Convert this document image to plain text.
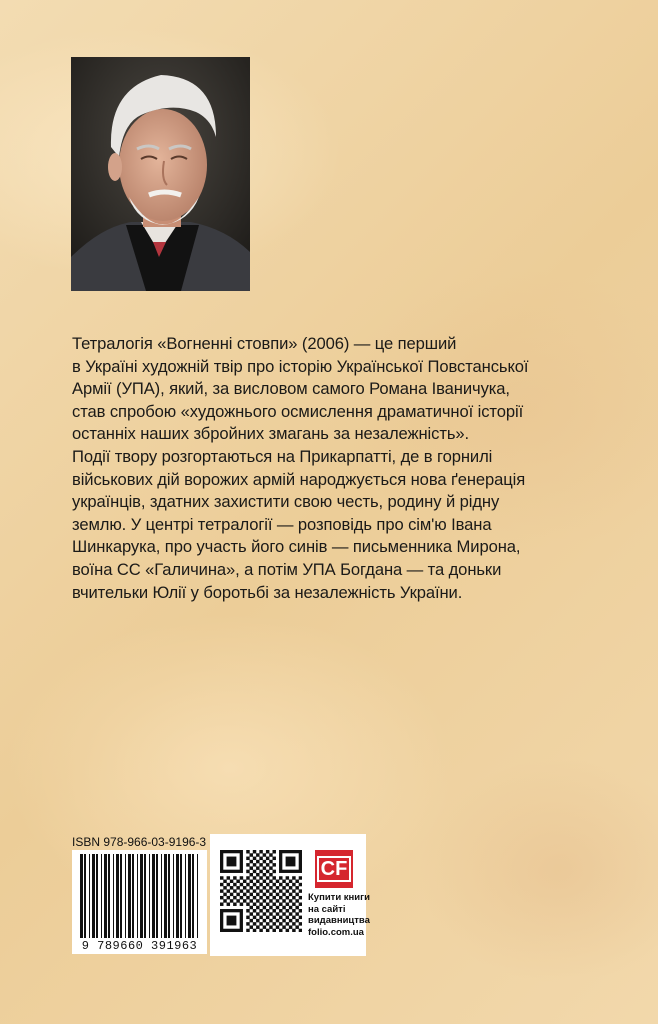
Тетралогія «Вогненні стовпи» (2006) — це перший
в Україні художній твір про історію Української Повстанської
Армії (УПА), який, за висловом самого Романа Іваничука,
став спробою «художнього осмислення драматичної історії
останніх наших збройних змагань за незалежність».
Події твору розгортаються на Прикарпатті, де в горнилі
військових дій ворожих армій народжується нова ґенерація
українців, здатних захистити свою честь, родину й рідну
землю. У центрі тетралогії — розповідь про сім'ю Івана
Шинкарука, про участь його синів — письменника Мирона,
воїна СС «Галичина», а потім УПА Богдана — та доньки
вчительки Юлії у боротьбі за незалежність України.

ISBN 978-966-03-9196-3
9 789660 391963
CF
Купити книги
на сайті
видавництва
folio.com.ua
